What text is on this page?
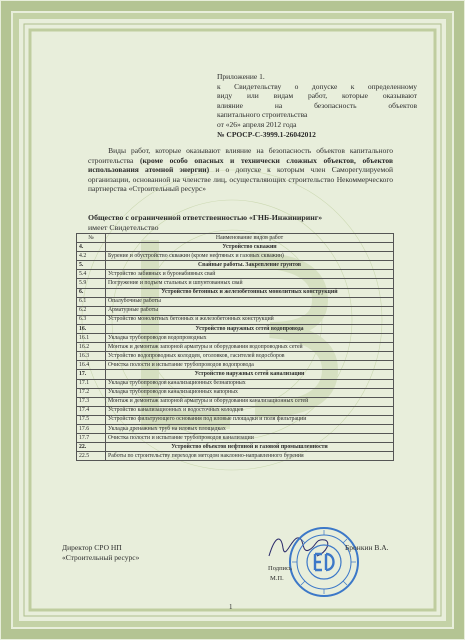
Приложение 1.
к Свидетельству о допуске к определенному
виду или видам работ, которые оказывают
влияние на безопасность объектов
капитального строительства
от «26» апреля 2012 года
№ СРОСР-С-3999.1-26042012
Виды работ, которые оказывают влияние на безопасность объектов капитального строительства (кроме особо опасных и технически сложных объектов, объектов использования атомной энергии) и о допуске к которым член Саморегулируемой организации, основанной на членстве лиц, осуществляющих строительство Некоммерческого партнерства «Строительный ресурс»
Общество с ограниченной ответственностью «ГНБ-Инжиниринг»
имеет Свидетельство
№	Наименование видов работ
4.	Устройство скважин
4.2	Бурение и обустройство скважин (кроме нефтяных и газовых скважин)
5.	Свайные работы. Закрепление грунтов
5.4	Устройство забивных и буронабивных свай
5.9	Погружение и подъем стальных и шпунтованных свай
6.	Устройство бетонных и железобетонных монолитных конструкций
6.1	Опалубочные работы
6.2	Арматурные работы
6.3	Устройство монолитных бетонных и железобетонных конструкций
16.	Устройство наружных сетей водопровода
16.1	Укладка трубопроводов водопроводных
16.2	Монтаж и демонтаж запорной арматуры и оборудования водопроводных сетей
16.3	Устройство водопроводных колодцев, оголовков, гасителей водосборов
16.4	Очистка полости и испытание трубопроводов водопровода
17.	Устройство наружных сетей канализации
17.1	Укладка трубопроводов канализационных безнапорных
17.2	Укладка трубопроводов канализационных напорных
17.3	Монтаж и демонтаж запорной арматуры и оборудования канализационных сетей
17.4	Устройство канализационных и водосточных колодцев
17.5	Устройство фильтрующего основания под иловые площадки и поля фильтрации
17.6	Укладка дренажных труб на иловых площадках
17.7	Очистка полости и испытание трубопроводов канализации
22.	Устройство объектов нефтяной и газовой промышленности
22.5	Работы по строительству переходов методом наклонно-направленного бурения
Директор СРО НП
«Строительный ресурс»
Бронкин В.А.
Подпись
М.П.
1
